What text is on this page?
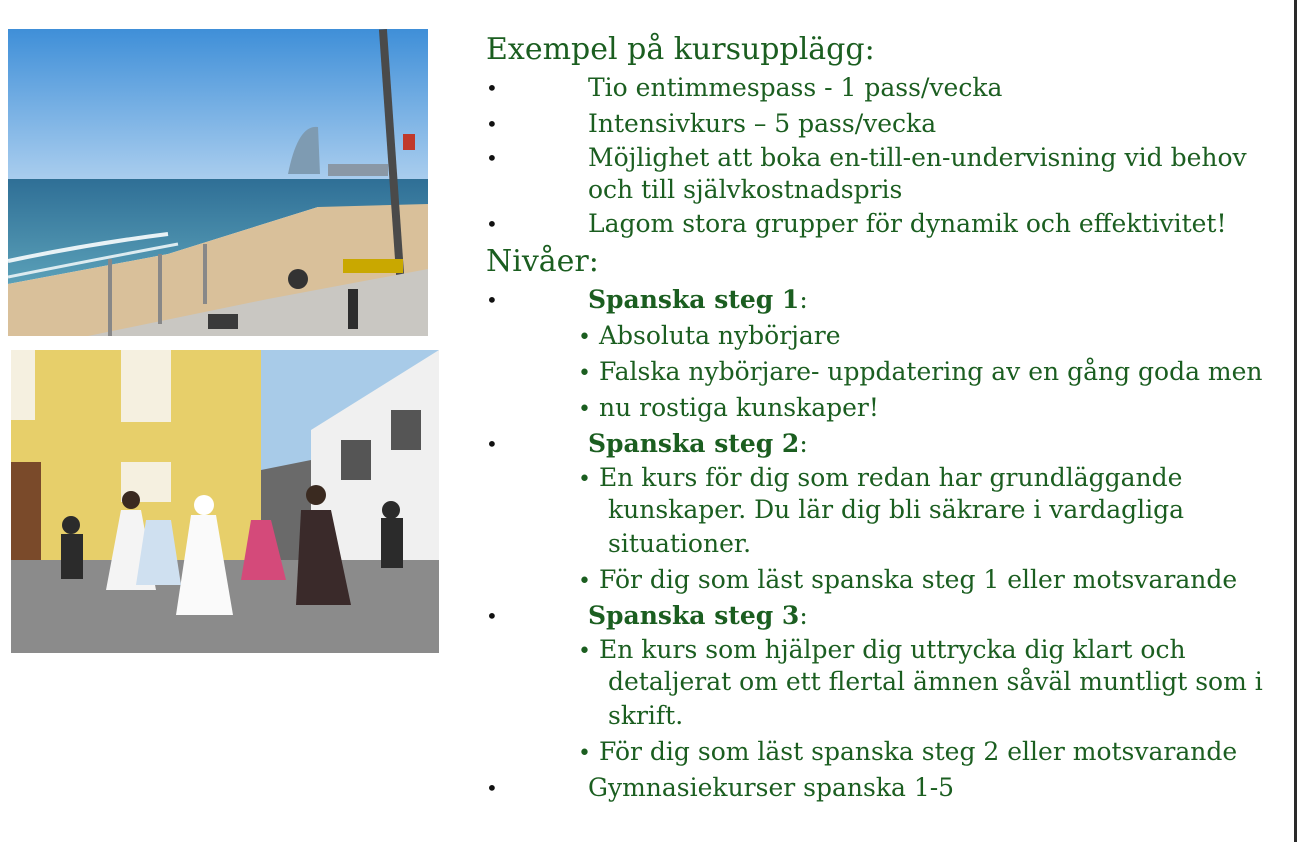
Exempel på kursupplägg:
•	Tio entimmespass - 1 pass/vecka
•	Intensivkurs – 5 pass/vecka
•	Möjlighet att boka en-till-en-undervisning vid behov
och till självkostnadspris
•	Lagom stora grupper för dynamik och effektivitet!
Nivåer:
•	Spanska steg 1:
• Absoluta nybörjare
• Falska nybörjare- uppdatering av en gång goda men
• nu rostiga kunskaper!
•	Spanska steg 2:
• En kurs för dig som redan har grundläggande
kunskaper. Du lär dig bli säkrare i vardagliga
situationer.
• För dig som läst spanska steg 1 eller motsvarande
•	Spanska steg 3:
• En kurs som hjälper dig uttrycka dig klart och
detaljerat om ett flertal ämnen såväl muntligt som i
skrift.
• För dig som läst spanska steg 2 eller motsvarande
•	Gymnasiekurser spanska 1-5
